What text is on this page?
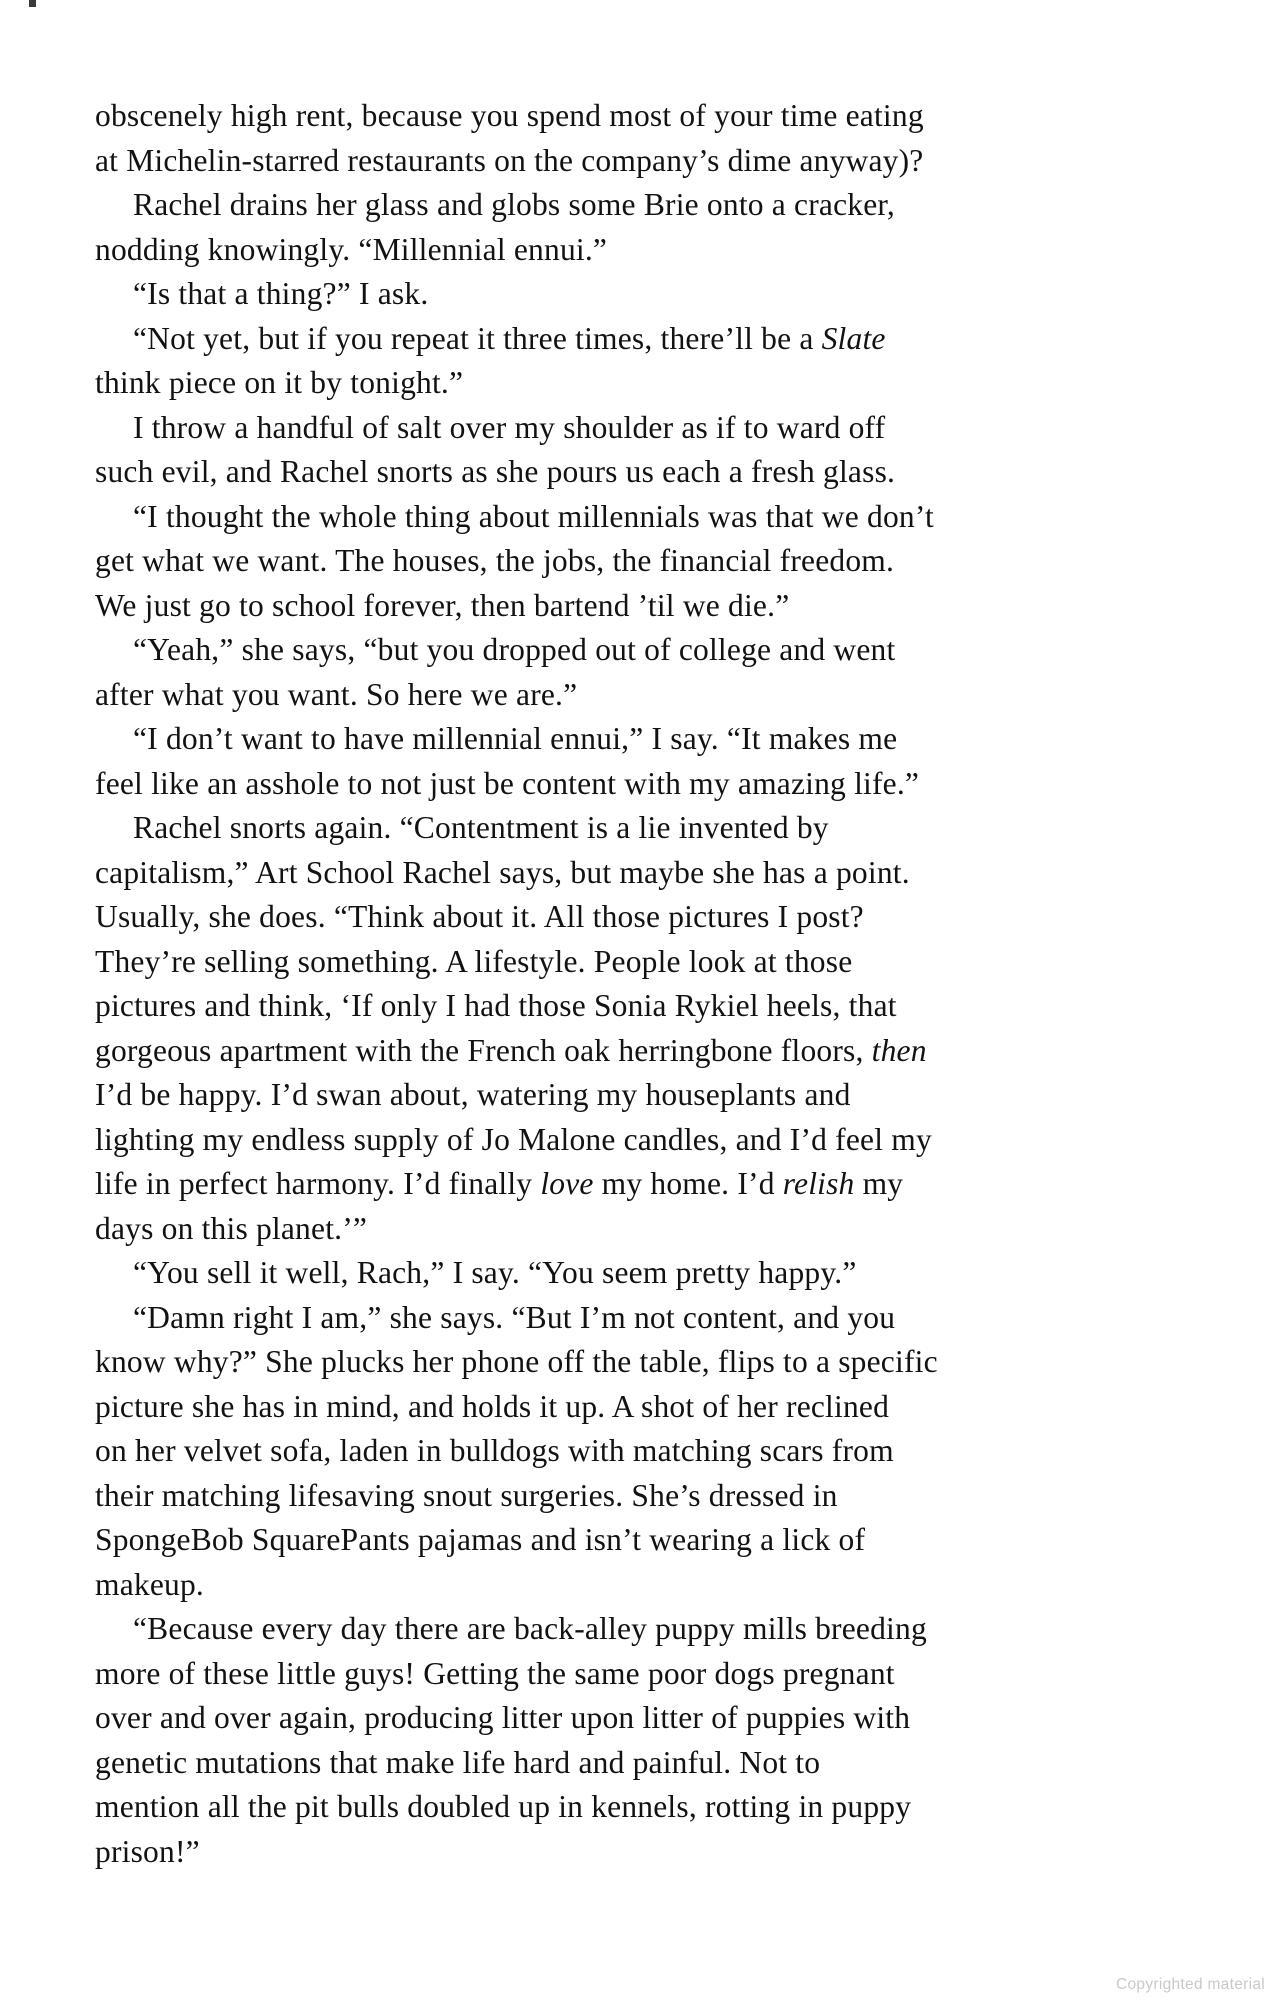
obscenely high rent, because you spend most of your time eating
at Michelin-starred restaurants on the company’s dime anyway)?
Rachel drains her glass and globs some Brie onto a cracker,
nodding knowingly. “Millennial ennui.”
“Is that a thing?” I ask.
“Not yet, but if you repeat it three times, there’ll be a Slate
think piece on it by tonight.”
I throw a handful of salt over my shoulder as if to ward off
such evil, and Rachel snorts as she pours us each a fresh glass.
“I thought the whole thing about millennials was that we don’t
get what we want. The houses, the jobs, the financial freedom.
We just go to school forever, then bartend ’til we die.”
“Yeah,” she says, “but you dropped out of college and went
after what you want. So here we are.”
“I don’t want to have millennial ennui,” I say. “It makes me
feel like an asshole to not just be content with my amazing life.”
Rachel snorts again. “Contentment is a lie invented by
capitalism,” Art School Rachel says, but maybe she has a point.
Usually, she does. “Think about it. All those pictures I post?
They’re selling something. A lifestyle. People look at those
pictures and think, ‘If only I had those Sonia Rykiel heels, that
gorgeous apartment with the French oak herringbone floors, then
I’d be happy. I’d swan about, watering my houseplants and
lighting my endless supply of Jo Malone candles, and I’d feel my
life in perfect harmony. I’d finally love my home. I’d relish my
days on this planet.’”
“You sell it well, Rach,” I say. “You seem pretty happy.”
“Damn right I am,” she says. “But I’m not content, and you
know why?” She plucks her phone off the table, flips to a specific
picture she has in mind, and holds it up. A shot of her reclined
on her velvet sofa, laden in bulldogs with matching scars from
their matching lifesaving snout surgeries. She’s dressed in
SpongeBob SquarePants pajamas and isn’t wearing a lick of
makeup.
“Because every day there are back-alley puppy mills breeding
more of these little guys! Getting the same poor dogs pregnant
over and over again, producing litter upon litter of puppies with
genetic mutations that make life hard and painful. Not to
mention all the pit bulls doubled up in kennels, rotting in puppy
prison!”
Copyrighted material
